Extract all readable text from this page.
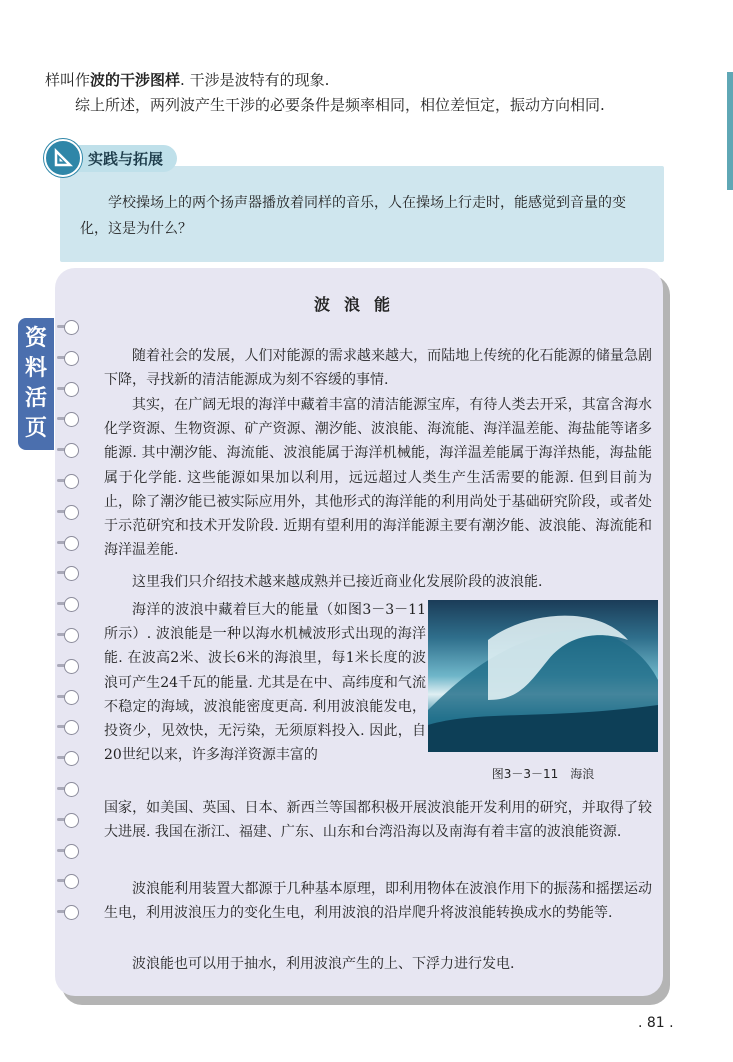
样叫作波的干涉图样. 干涉是波特有的现象.
综上所述，两列波产生干涉的必要条件是频率相同，相位差恒定，振动方向相同.
实践与拓展
学校操场上的两个扬声器播放着同样的音乐，人在操场上行走时，能感觉到音量的变化，这是为什么？
资
料
活
页
波浪能
随着社会的发展，人们对能源的需求越来越大，而陆地上传统的化石能源的储量急剧下降，寻找新的清洁能源成为刻不容缓的事情.
其实，在广阔无垠的海洋中藏着丰富的清洁能源宝库，有待人类去开采，其富含海水化学资源、生物资源、矿产资源、潮汐能、波浪能、海流能、海洋温差能、海盐能等诸多能源. 其中潮汐能、海流能、波浪能属于海洋机械能，海洋温差能属于海洋热能，海盐能属于化学能. 这些能源如果加以利用，远远超过人类生产生活需要的能源. 但到目前为止，除了潮汐能已被实际应用外，其他形式的海洋能的利用尚处于基础研究阶段，或者处于示范研究和技术开发阶段. 近期有望利用的海洋能源主要有潮汐能、波浪能、海流能和海洋温差能.
这里我们只介绍技术越来越成熟并已接近商业化发展阶段的波浪能.
海洋的波浪中藏着巨大的能量（如图3－3－11所示）. 波浪能是一种以海水机械波形式出现的海洋能. 在波高2米、波长6米的海浪里，每1米长度的波浪可产生24千瓦的能量. 尤其是在中、高纬度和气流不稳定的海域，波浪能密度更高. 利用波浪能发电，投资少，见效快，无污染，无须原料投入. 因此，自20世纪以来，许多海洋资源丰富的
国家，如美国、英国、日本、新西兰等国都积极开展波浪能开发利用的研究，并取得了较大进展. 我国在浙江、福建、广东、山东和台湾沿海以及南海有着丰富的波浪能资源.
波浪能利用装置大都源于几种基本原理，即利用物体在波浪作用下的振荡和摇摆运动生电，利用波浪压力的变化生电，利用波浪的沿岸爬升将波浪能转换成水的势能等.
波浪能也可以用于抽水，利用波浪产生的上、下浮力进行发电.
图3－3－11　海浪
. 81 .
